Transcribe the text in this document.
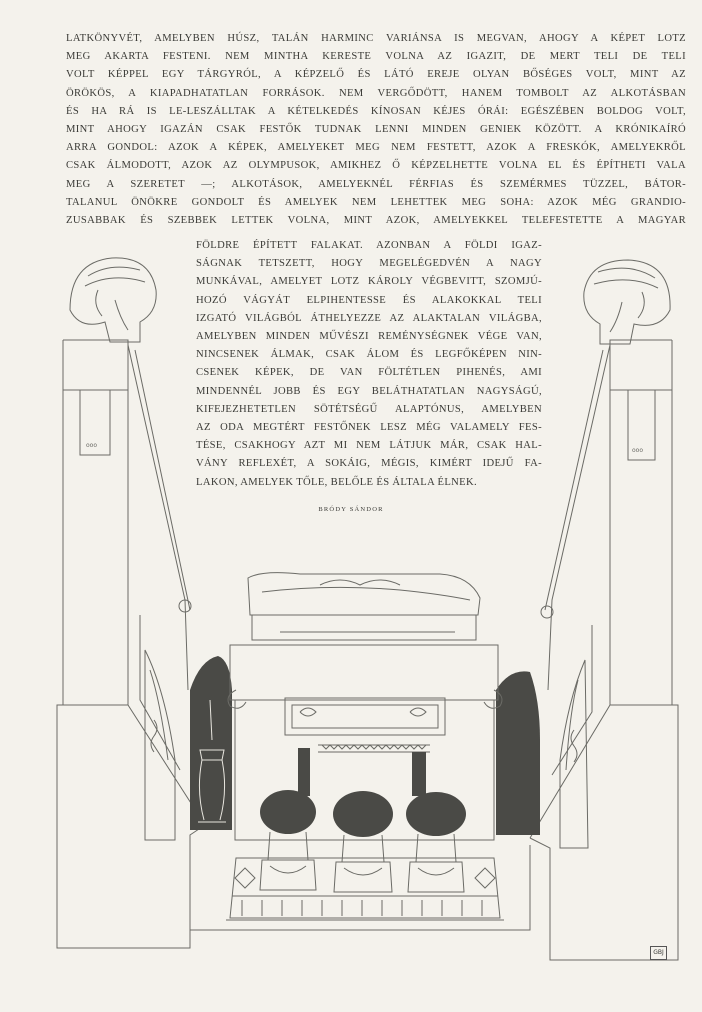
LATKÖNYVÉT, AMELYBEN HÚSZ, TALÁN HARMINC VARIÁNSA IS MEGVAN, AHOGY A KÉPET LOTZ
MEG AKARTA FESTENI. NEM MINTHA KERESTE VOLNA AZ IGAZIT, DE MERT TELI DE TELI
VOLT KÉPPEL EGY TÁRGYRÓL, A KÉPZELŐ ÉS LÁTÓ EREJE OLYAN BŐSÉGES VOLT, MINT AZ
ÖRÖKÖS, A KIAPADHATATLAN FORRÁSOK. NEM VERGŐDÖTT, HANEM TOMBOLT AZ ALKOTÁSBAN
ÉS HA RÁ IS LE-LESZÁLLTAK A KÉTELKEDÉS KÍNOSAN KÉJES ÓRÁI: EGÉSZÉBEN BOLDOG VOLT,
MINT AHOGY IGAZÁN CSAK FESTŐK TUDNAK LENNI MINDEN GENIEK KÖZÖTT. A KRÓNIKAÍRÓ
ARRA GONDOL: AZOK A KÉPEK, AMELYEKET MEG NEM FESTETT, AZOK A FRESKÓK, AMELYEKRŐL
CSAK ÁLMODOTT, AZOK AZ OLYMPUSOK, AMIKHEZ Ő KÉPZELHETTE VOLNA EL ÉS ÉPÍTHETI VALA
MEG A SZERETET —; ALKOTÁSOK, AMELYEKNÉL FÉRFIAS ÉS SZEMÉRMES TÜZZEL, BÁTOR-
TALANUL ÖNÖKRE GONDOLT ÉS AMELYEK NEM LEHETTEK MEG SOHA: AZOK MÉG GRANDIO-
ZUSABBAK ÉS SZEBBEK LETTEK VOLNA, MINT AZOK, AMELYEKKEL TELEFESTETTE A MAGYAR
FÖLDRE ÉPÍTETT FALAKAT. AZONBAN A FÖLDI IGAZ-
SÁGNAK TETSZETT, HOGY MEGELÉGEDVÉN A NAGY
MUNKÁVAL, AMELYET LOTZ KÁROLY VÉGBEVITT, SZOMJÚ-
HOZÓ VÁGYÁT ELPIHENTESSE ÉS ALAKOKKAL TELI
IZGATÓ VILÁGBÓL ÁTHELYEZZE AZ ALAKTALAN VILÁGBA,
AMELYBEN MINDEN MŰVÉSZI REMÉNYSÉGNEK VÉGE VAN,
NINCSENEK ÁLMAK, CSAK ÁLOM ÉS LEGFŐKÉPEN NIN-
CSENEK KÉPEK, DE VAN FÖLTÉTLEN PIHENÉS, AMI
MINDENNÉL JOBB ÉS EGY BELÁTHATATLAN NAGYSÁGÚ,
KIFEJEZHETETLEN SÖTÉTSÉGŰ ALAPTÓNUS, AMELYBEN
AZ ODA MEGTÉRT FESTŐNEK LESZ MÉG VALAMELY FES-
TÉSE, CSAKHOGY AZT MI NEM LÁTJUK MÁR, CSAK HAL-
VÁNY REFLEXÉT, A SOKÁIG, MÉGIS, KIMÉRT IDEJŰ FA-
LAKON, AMELYEK TŐLE, BELŐLE ÉS ÁLTALA ÉLNEK.
BRÓDY SÁNDOR
ooo
ooo
GBJ
